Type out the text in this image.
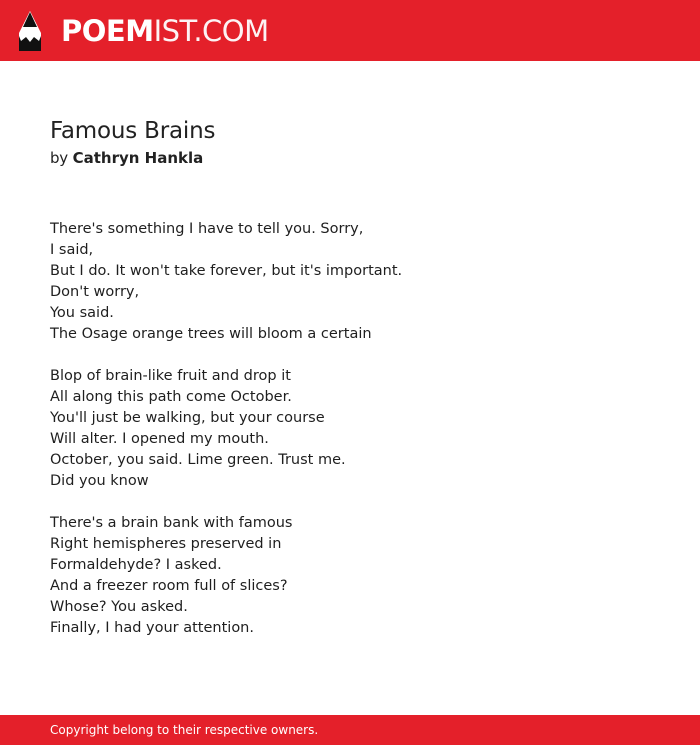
POEMIST.COM
Famous Brains
by Cathryn Hankla

There's something I have to tell you. Sorry,
I said,
But I do. It won't take forever, but it's important.
Don't worry,
You said.
The Osage orange trees will bloom a certain

Blop of brain-like fruit and drop it
All along this path come October.
You'll just be walking, but your course
Will alter. I opened my mouth.
October, you said. Lime green. Trust me.
Did you know

There's a brain bank with famous
Right hemispheres preserved in
Formaldehyde? I asked.
And a freezer room full of slices?
Whose? You asked.
Finally, I had your attention.

Copyright belong to their respective owners.
